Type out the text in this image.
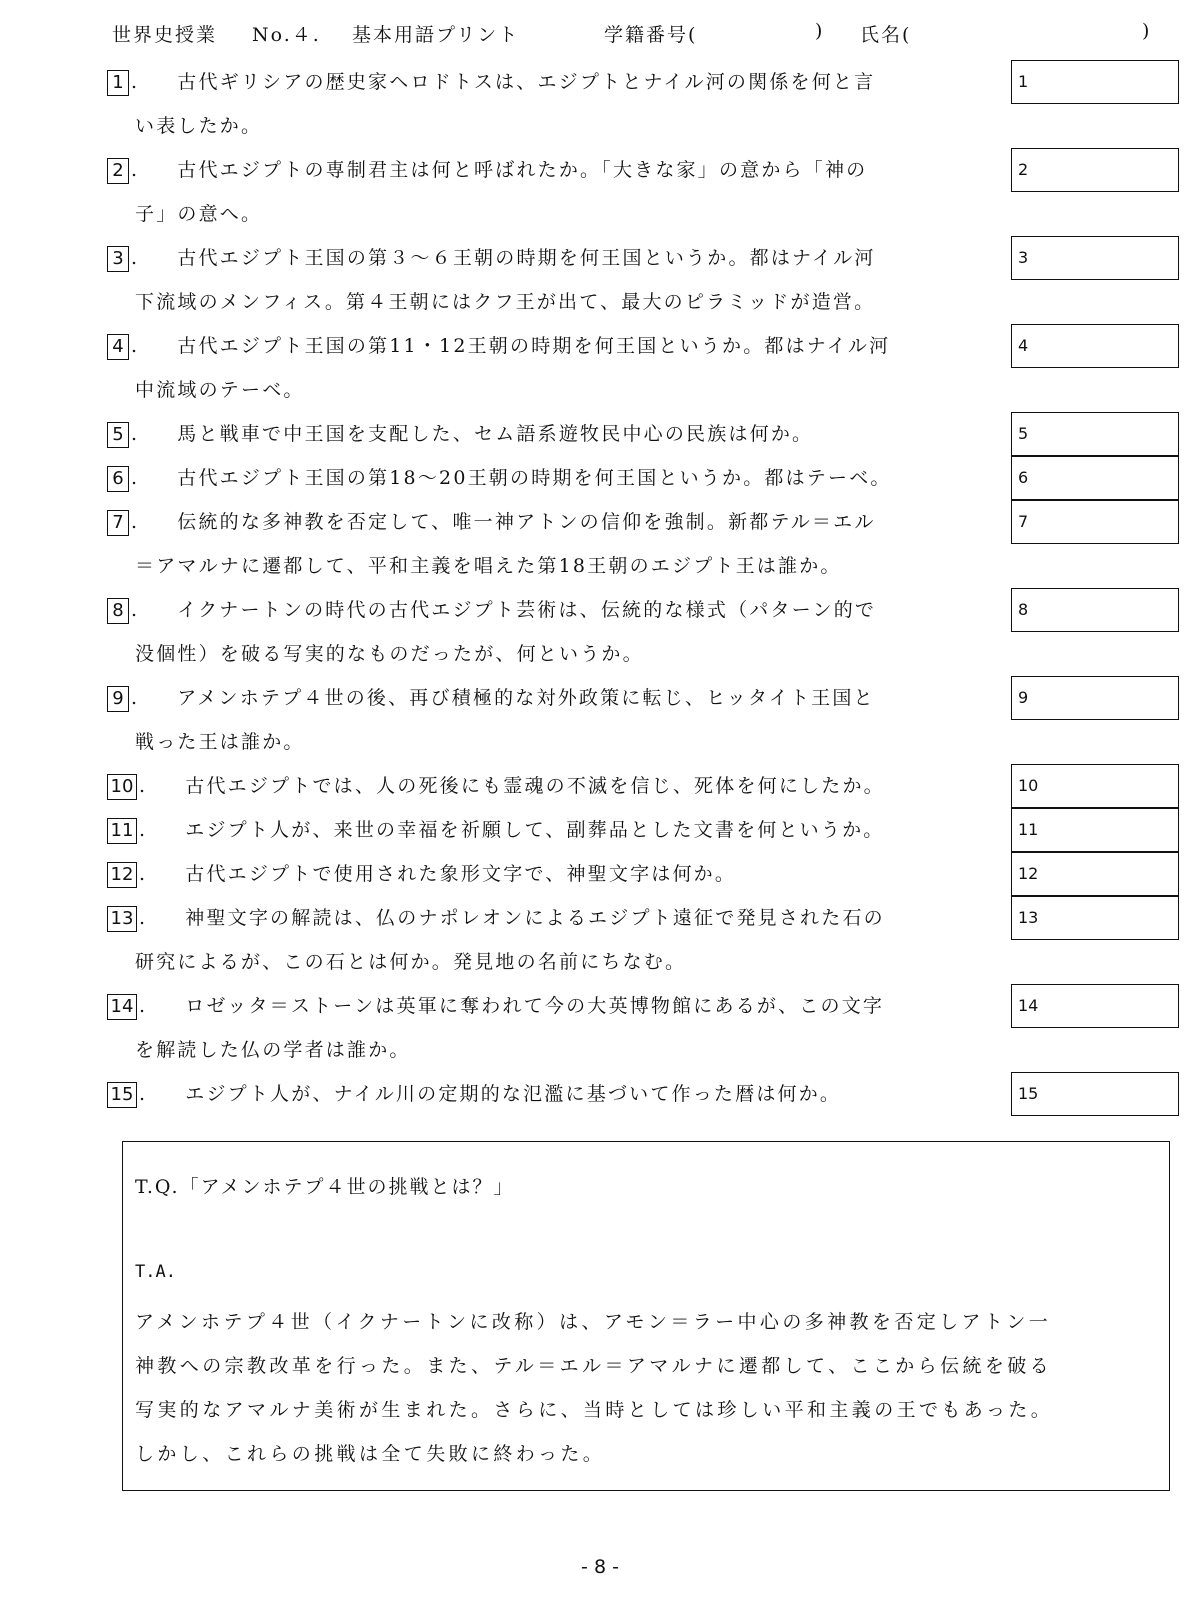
世界史授業 No.４. 基本用語プリント	学籍番号(	) 氏名(	)
1 . 古代ギリシアの歴史家ヘロドトスは、エジプトとナイル河の関係を何と言
い表したか。
1
2 . 古代エジプトの専制君主は何と呼ばれたか。「大きな家」の意から「神の
子」の意へ。
2
3 . 古代エジプト王国の第３～６王朝の時期を何王国というか。都はナイル河
下流域のメンフィス。第４王朝にはクフ王が出て、最大のピラミッドが造営。
3
4 . 古代エジプト王国の第11・12王朝の時期を何王国というか。都はナイル河
中流域のテーベ。
4
5 . 馬と戦車で中王国を支配した、セム語系遊牧民中心の民族は何か。	5
6 . 古代エジプト王国の第18～20王朝の時期を何王国というか。都はテーベ。	6
7 . 伝統的な多神教を否定して、唯一神アトンの信仰を強制。新都テル＝エル
＝アマルナに遷都して、平和主義を唱えた第18王朝のエジプト王は誰か。
7
8 . イクナートンの時代の古代エジプト芸術は、伝統的な様式（パターン的で
没個性）を破る写実的なものだったが、何というか。
8
9 . アメンホテプ４世の後、再び積極的な対外政策に転じ、ヒッタイト王国と
戦った王は誰か。
9
10 . 古代エジプトでは、人の死後にも霊魂の不滅を信じ、死体を何にしたか。	10
11 . エジプト人が、来世の幸福を祈願して、副葬品とした文書を何というか。	11
12 . 古代エジプトで使用された象形文字で、神聖文字は何か。	12
13 . 神聖文字の解読は、仏のナポレオンによるエジプト遠征で発見された石の
研究によるが、この石とは何か。発見地の名前にちなむ。
13
14 . ロゼッタ＝ストーンは英軍に奪われて今の大英博物館にあるが、この文字
を解読した仏の学者は誰か。
14
15 . エジプト人が、ナイル川の定期的な氾濫に基づいて作った暦は何か。	15
T.Q.「アメンホテプ４世の挑戦とは？」
T.A.
アメンホテプ４世（イクナートンに改称）は、アモン＝ラー中心の多神教を否定しアトン一
神教への宗教改革を行った。また、テル＝エル＝アマルナに遷都して、ここから伝統を破る
写実的なアマルナ美術が生まれた。さらに、当時としては珍しい平和主義の王でもあった。
しかし、これらの挑戦は全て失敗に終わった。
- 8 -
